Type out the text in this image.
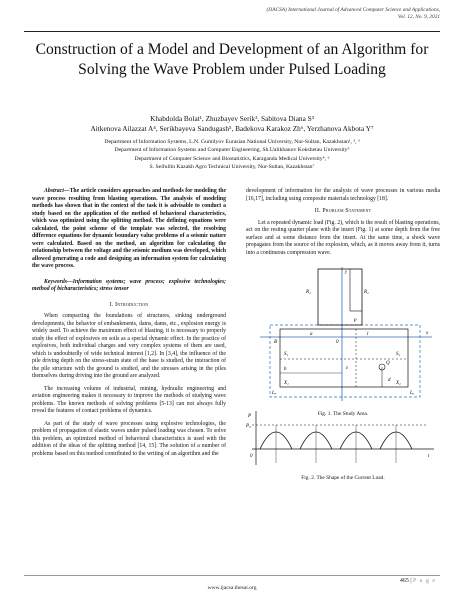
(IJACSA) International Journal of Advanced Computer Science and Applications,
Vol. 12, No. 9, 2021
Construction of a Model and Development of an Algorithm for Solving the Wave Problem under Pulsed Loading
Khabdolda Bolat¹, Zhuzbayev Serik², Sabitova Diana S³
Aitkenova Ailazzat A⁴, Serikbayeva Sandugash⁵, Badekova Karakoz Zh⁶, Yerzhanova Akbota Y⁷
Department of Information Systems, L.N. Gumilyov Eurasian National University, Nur-Sultan, Kazakhstan¹, ², ³
Department of Information Systems and Computer Engineering, Sh.Ualikhanov Kokshetau University⁵
Department of Computer Science and Biostatistics, Karaganda Medical University⁴, ⁶
S. Seifullin Kazakh Agro Technical University, Nur-Sultan, Kazakhstan⁷
Abstract—The article considers approaches and methods for modeling the wave process resulting from blasting operations. The analysis of modeling methods has shown that in the context of the task it is advisable to conduct a study based on the application of the method of behavioral characteristics, which was optimized using the splitting method. The defining equations were calculated, the point scheme of the template was selected, the resolving difference equations for dynamic boundary value problems of a seismic nature were calculated. Based on the method, an algorithm for calculating the relationship between the voltage and the seismic medium was developed, which allowed generating a code and designing an information system for calculating the wave process.
Keywords—Information systems; wave process; explosive technologies; method of bicharacteristics; stress tensor
I. Introduction
When compacting the foundations of structures, sinking underground developments, the behavior of embankments, dams, dams, etc., explosion energy is widely used. To achieve the maximum effect of blasting, it is necessary to properly study the effect of explosives on soils as a special dynamic effect. In the practice of explosives, both individual charges and very complex systems of them are used, which is undoubtedly of wide technical interest [1,2]. In [3,4], the influence of the pile driving depth on the stress-strain state of the base is studied, the interaction of the pile structure with the ground is studied, and the stresses arising in the piles themselves during driving into the ground are analyzed.
The increasing volume of industrial, mining, hydraulic engineering and aviation engineering makes it necessary to improve the methods of studying wave problems. The known methods of solving problems [5-13] can not always fully reveal the features of contact problems of dynamics.
As part of the study of wave processes using explosive technologies, the problem of propagation of elastic waves under pulsed loading was chosen. To solve this problem, an optimized method of behavioral characteristics is used with the addition of the ideas of the splitting method [14, 15]. The solution of a number of problems based on this method contributed to the writing of an algorithm and the
development of information for the analysis of wave processes in various media [16,17], including using composite materials technology [18].
II. Problem Statement
Let a repeated dynamic load (Fig. 2), which is the result of blasting operations, act on the resting quarter plane with the insert (Fig. 1) at some depth from the free surface and at some distance from the insert. At the same time, a shock wave propagates from the source of the explosion, which, as it moves away from it, turns into a continuous compression wave.
y
x
a	l
p
R₁	R₂
Q
S₁	S₂
ε
h
d
B	0
X₁	X₂
Lₓ	Lᵧ
Fig. 1. The Study Area.
P
t
P₀
0
Fig. 2. The Shape of the Current Load.
465 | P a g e
www.ijacsa.thesai.org
